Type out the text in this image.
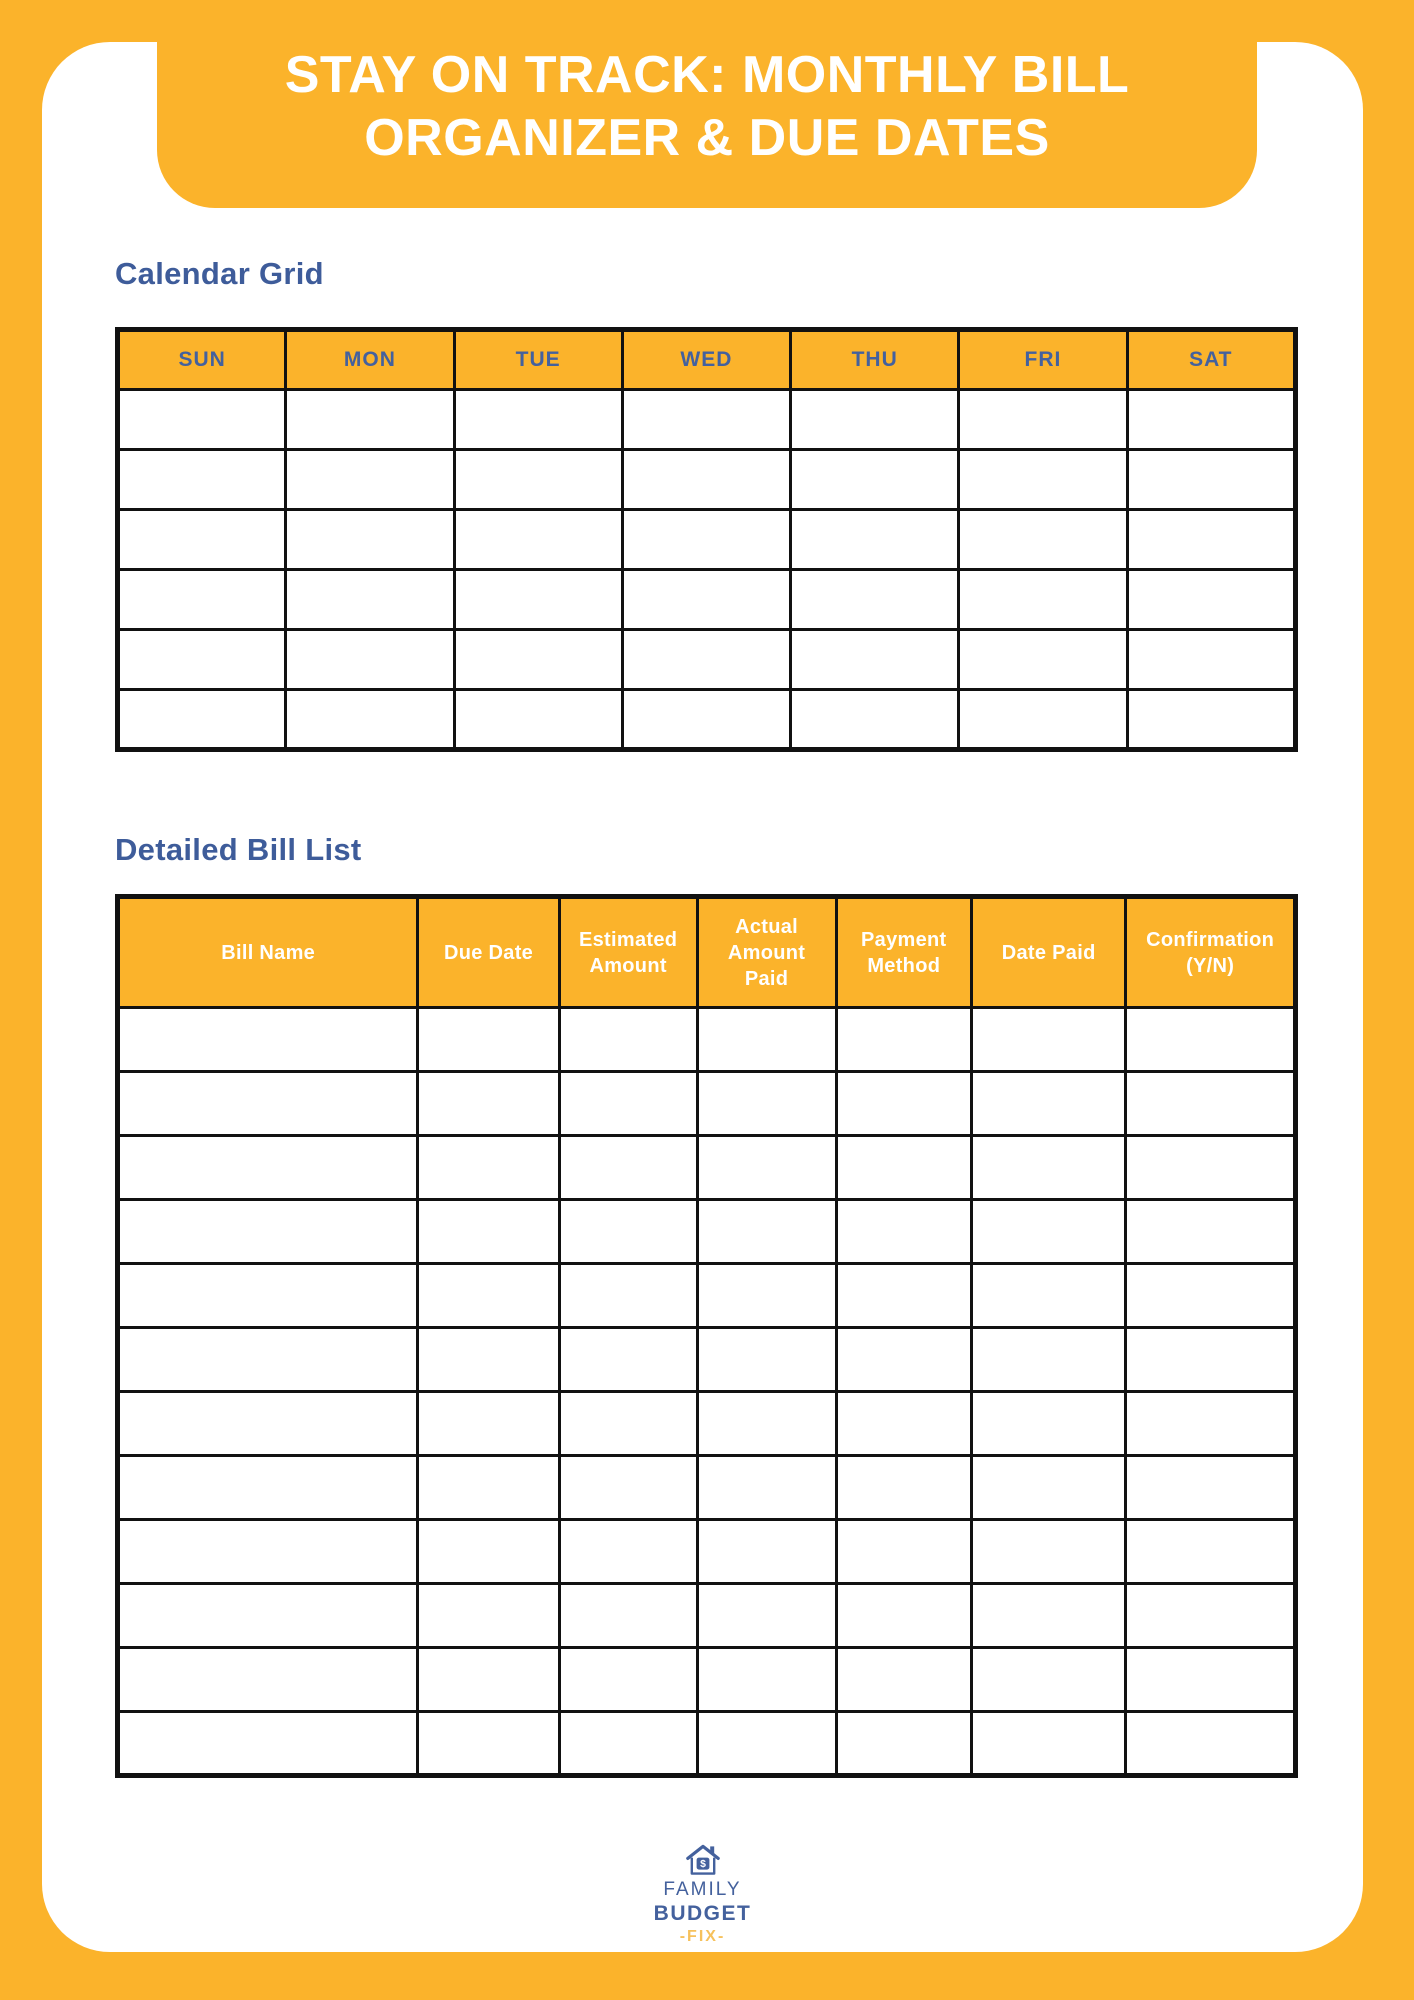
STAY ON TRACK: MONTHLY BILL
ORGANIZER & DUE DATES
Calendar Grid
SUN	MON	TUE	WED	THU	FRI	SAT

Detailed Bill List
Bill Name	Due Date	Estimated Amount	Actual Amount Paid	Payment Method	Date Paid	Confirmation (Y/N)

$
FAMILY
BUDGET
-FIX-
